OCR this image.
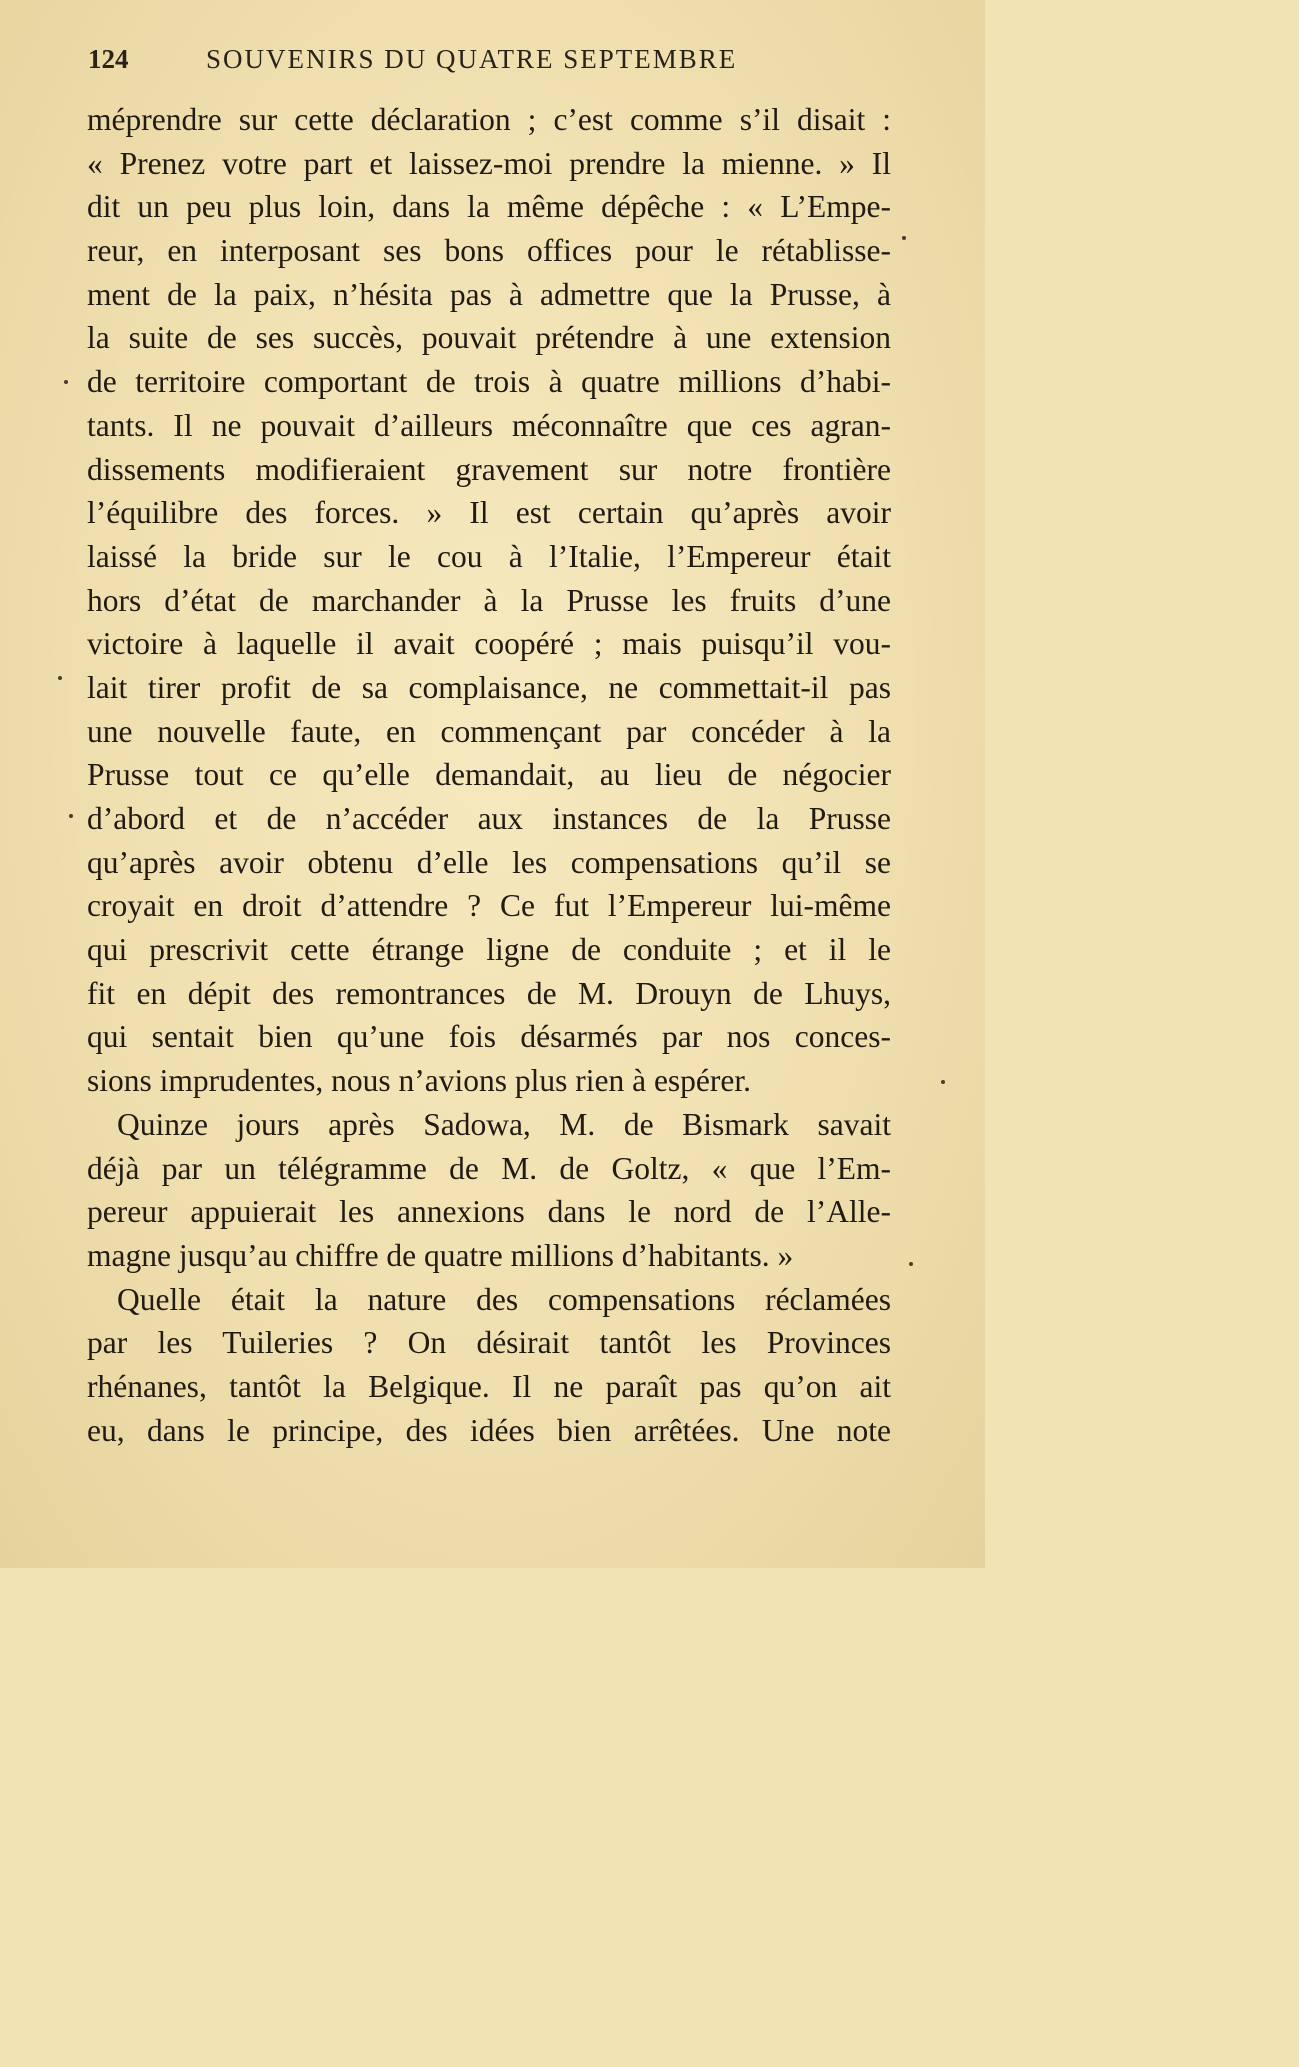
124	SOUVENIRS DU QUATRE SEPTEMBRE
méprendre sur cette déclaration ; c’est comme s’il disait :
« Prenez votre part et laissez-moi prendre la mienne. » Il
dit un peu plus loin, dans la même dépêche : « L’Empe-
reur, en interposant ses bons offices pour le rétablisse-
ment de la paix, n’hésita pas à admettre que la Prusse, à
la suite de ses succès, pouvait prétendre à une extension
de territoire comportant de trois à quatre millions d’habi-
tants. Il ne pouvait d’ailleurs méconnaître que ces agran-
dissements modifieraient gravement sur notre frontière
l’équilibre des forces. » Il est certain qu’après avoir
laissé la bride sur le cou à l’Italie, l’Empereur était
hors d’état de marchander à la Prusse les fruits d’une
victoire à laquelle il avait coopéré ; mais puisqu’il vou-
lait tirer profit de sa complaisance, ne commettait-il pas
une nouvelle faute, en commençant par concéder à la
Prusse tout ce qu’elle demandait, au lieu de négocier
d’abord et de n’accéder aux instances de la Prusse
qu’après avoir obtenu d’elle les compensations qu’il se
croyait en droit d’attendre ? Ce fut l’Empereur lui-même
qui prescrivit cette étrange ligne de conduite ; et il le
fit en dépit des remontrances de M. Drouyn de Lhuys,
qui sentait bien qu’une fois désarmés par nos conces-
sions imprudentes, nous n’avions plus rien à espérer.
Quinze jours après Sadowa, M. de Bismark savait
déjà par un télégramme de M. de Goltz, « que l’Em-
pereur appuierait les annexions dans le nord de l’Alle-
magne jusqu’au chiffre de quatre millions d’habitants. »
Quelle était la nature des compensations réclamées
par les Tuileries ? On désirait tantôt les Provinces
rhénanes, tantôt la Belgique. Il ne paraît pas qu’on ait
eu, dans le principe, des idées bien arrêtées. Une note
